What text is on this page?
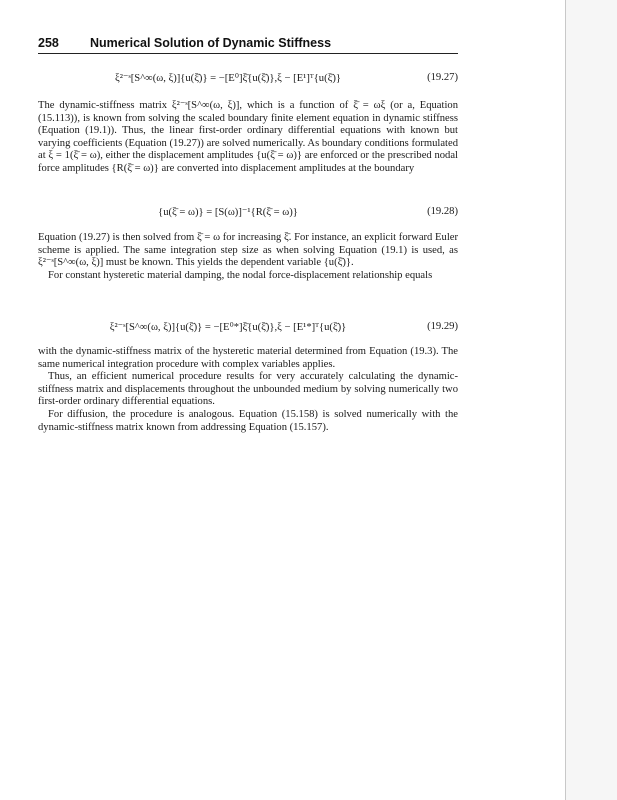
258 Numerical Solution of Dynamic Stiffness
ξ²⁻ˢ[S^∞(ω, ξ)]{u(ξ̄)} = −[E⁰]ξ̄{u(ξ̄)},ξ − [E¹]ᵀ{u(ξ̄)}	(19.27)

The dynamic-stiffness matrix ξ²⁻ˢ[S^∞(ω, ξ)], which is a function of ξ̄ = ωξ (or a, Equation (15.113)), is known from solving the scaled boundary finite element equation in dynamic stiffness (Equation (19.1)). Thus, the linear first-order ordinary differential equations with known but varying coefficients (Equation (19.27)) are solved numerically. As boundary conditions formulated at ξ = 1(ξ̄ = ω), either the displacement amplitudes {u(ξ̄ = ω)} are enforced or the prescribed nodal force amplitudes {R(ξ̄ = ω)} are converted into displacement amplitudes at the boundary

{u(ξ̄ = ω)} = [S(ω)]⁻¹{R(ξ̄ = ω)}	(19.28)

Equation (19.27) is then solved from ξ̄ = ω for increasing ξ̄. For instance, an explicit forward Euler scheme is applied. The same integration step size as when solving Equation (19.1) is used, as ξ²⁻ˢ[S^∞(ω, ξ)] must be known. This yields the dependent variable {u(ξ̄)}.

For constant hysteretic material damping, the nodal force-displacement relationship equals

ξ²⁻ˢ[S^∞(ω, ξ)]{u(ξ̄)} = −[E⁰*]ξ̄{u(ξ̄)},ξ − [E¹*]ᵀ{u(ξ̄)}	(19.29)

with the dynamic-stiffness matrix of the hysteretic material determined from Equation (19.3). The same numerical integration procedure with complex variables applies.

Thus, an efficient numerical procedure results for very accurately calculating the dynamic-stiffness matrix and displacements throughout the unbounded medium by solving numerically two first-order ordinary differential equations.

For diffusion, the procedure is analogous. Equation (15.158) is solved numerically with the dynamic-stiffness matrix known from addressing Equation (15.157).
